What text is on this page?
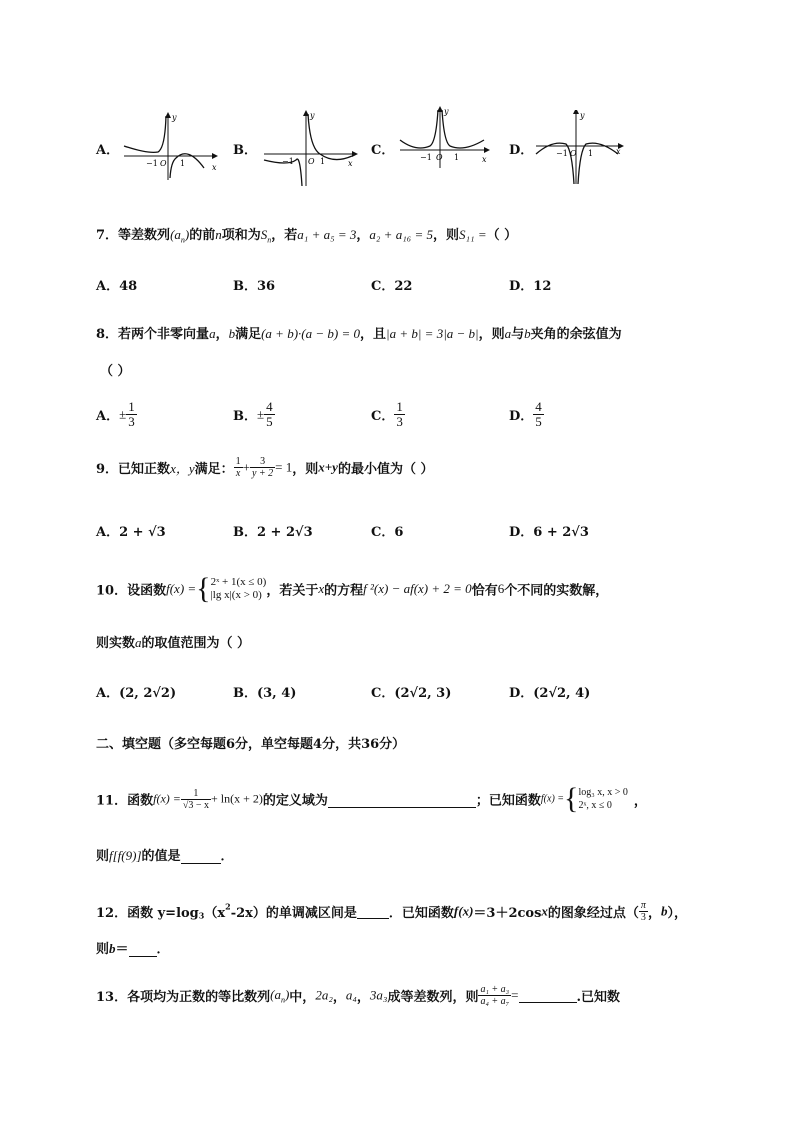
A．
y
x
−1 O 1
B．
y
x
−1 O 1
C．
y
x
−1 O 1	D．
y
x
−1 O 1
7．等差数列$(a_n)$的前n项和为$S_n$，若a₁ + a₅ = 3，a₂ + a₁₆ = 5，则S₁₁ =（ ）
A．48	B．36	C．22	D．12
8．若两个非零向量a，b满足(a + b)·(a − b) = 0，且|a + b| = 3|a − b|，则a与b夹角的余弦值为
（ ）
A．± $\frac{1}{3}$	B．± $\frac{4}{5}$	C． $\frac{1}{3}$	D． $\frac{4}{5}$
9．已知正数x，y满足： $\frac{1}{x} + \frac{3}{y + 2} = 1$，则x+y的最小值为（ ）
A．2 + √3	B．2 + 2√3	C．6	D．6 + 2√3
10．设函数f(x) ={ 2ˣ + 1(x ≤ 0)
|lg x|(x > 0) ，若关于x的方程f ²(x) − af(x) + 2 = 0恰有6个不同的实数解，
则实数a的取值范围为（ ）
A．(2, 2√2)	B．(3, 4)	C．(2√2, 3)	D．(2√2, 4)
二、填空题（多空每题6分，单空每题4分，共36分）
11．函数$f(x) = \frac{1}{√3 - x} + \ln(x + 2)$的定义域为	；已知函数f(x) ={ log₃ x, x > 0
2ˣ, x ≤ 0	，
则f[f(9)]的值是	．
12．函数 $y=\log_3(x^2-2x)$的单调减区间是 ．已知函数f(x)＝3＋2cosx的图象经过点（ $\frac{\pi}{3}$ ，b），
则b＝ ．
13．各项均为正数的等比数列$(a_n)$中，2a₂，a₄，3a₃成等差数列，则 $\frac{\text{a₁ + a₃}}{\text{a₄ + a₇}}$ =	.已知数
